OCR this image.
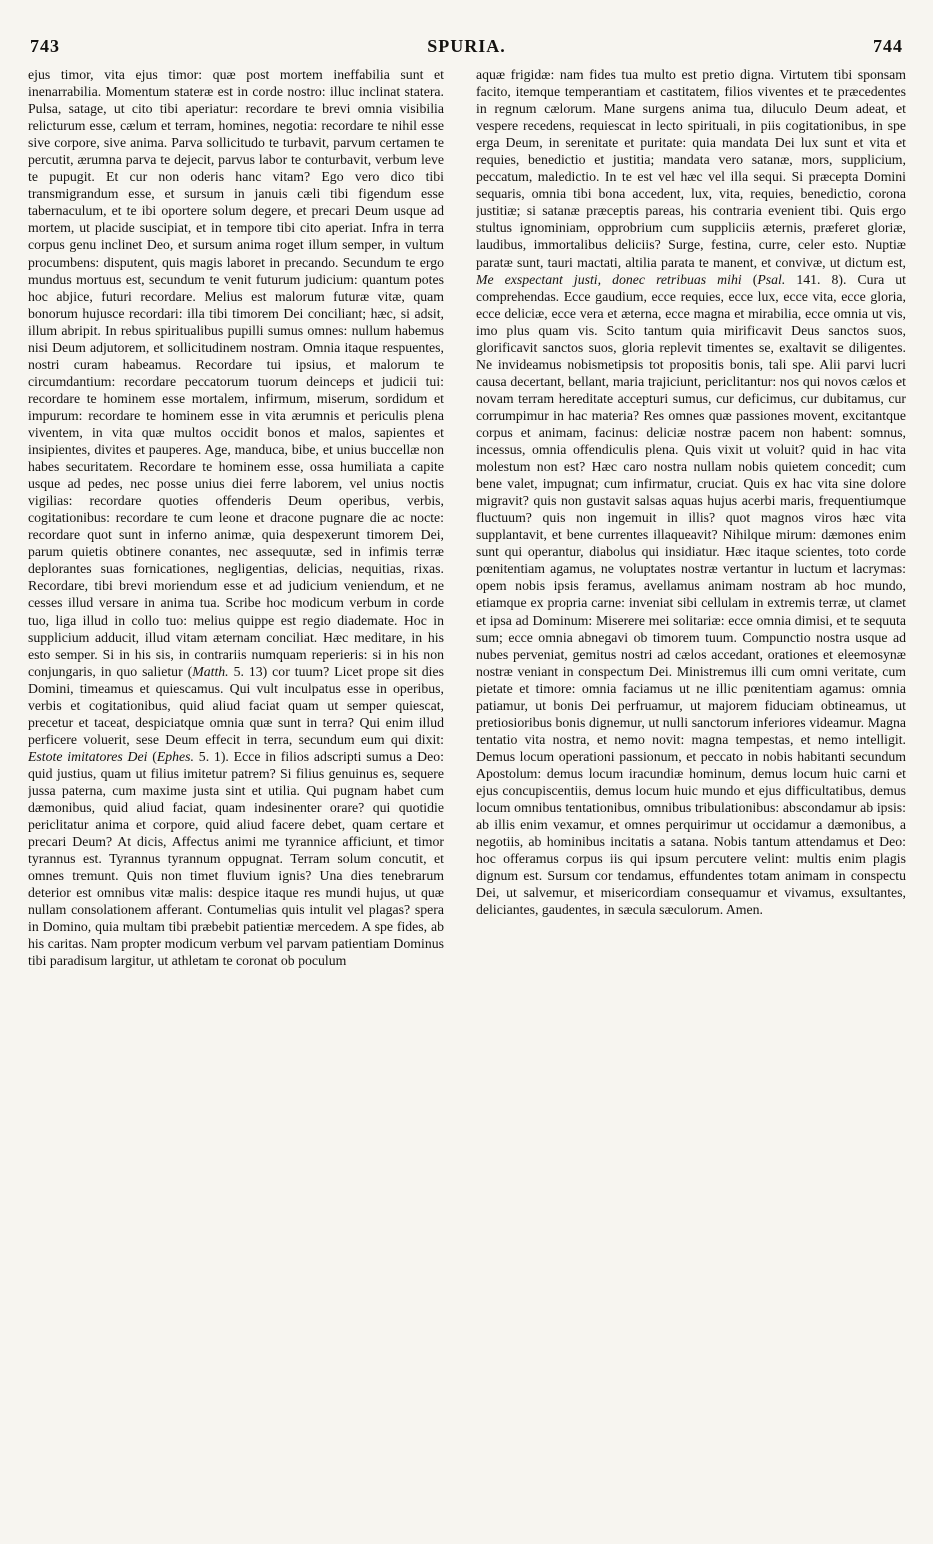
743	SPURIA.	744

ejus timor, vita ejus timor: quæ post mortem ineffabilia sunt et inenarrabilia. Momentum stateræ est in corde nostro: illuc inclinat statera. Pulsa, satage, ut cito tibi aperiatur: recordare te brevi omnia visibilia relicturum esse, cælum et terram, homines, negotia: recordare te nihil esse sive corpore, sive anima. Parva sollicitudo te turbavit, parvum certamen te percutit, ærumna parva te dejecit, parvus labor te conturbavit, verbum leve te pupugit. Et cur non oderis hanc vitam? Ego vero dico tibi transmigrandum esse, et sursum in januis cæli tibi figendum esse tabernaculum, et te ibi oportere solum degere, et precari Deum usque ad mortem, ut placide suscipiat, et in tempore tibi cito aperiat. Infra in terra corpus genu inclinet Deo, et sursum anima roget illum semper, in vultum procumbens: disputent, quis magis laboret in precando. Secundum te ergo mundus mortuus est, secundum te venit futurum judicium: quantum potes hoc abjice, futuri recordare. Melius est malorum futuræ vitæ, quam bonorum hujusce recordari: illa tibi timorem Dei conciliant; hæc, si adsit, illum abripit. In rebus spiritualibus pupilli sumus omnes: nullum habemus nisi Deum adjutorem, et sollicitudinem nostram. Omnia itaque respuentes, nostri curam habeamus. Recordare tui ipsius, et malorum te circumdantium: recordare peccatorum tuorum deinceps et judicii tui: recordare te hominem esse mortalem, infirmum, miserum, sordidum et impurum: recordare te hominem esse in vita ærumnis et periculis plena viventem, in vita quæ multos occidit bonos et malos, sapientes et insipientes, divites et pauperes. Age, manduca, bibe, et unius buccellæ non habes securitatem. Recordare te hominem esse, ossa humiliata a capite usque ad pedes, nec posse unius diei ferre laborem, vel unius noctis vigilias: recordare quoties offenderis Deum operibus, verbis, cogitationibus: recordare te cum leone et dracone pugnare die ac nocte: recordare quot sunt in inferno animæ, quia despexerunt timorem Dei, parum quietis obtinere conantes, nec assequutæ, sed in infimis terræ deplorantes suas fornicationes, negligentias, delicias, nequitias, rixas. Recordare, tibi brevi moriendum esse et ad judicium veniendum, et ne cesses illud versare in anima tua. Scribe hoc modicum verbum in corde tuo, liga illud in collo tuo: melius quippe est regio diademate. Hoc in supplicium adducit, illud vitam æternam conciliat. Hæc meditare, in his esto semper. Si in his sis, in contrariis numquam reperieris: si in his non conjungaris, in quo salietur (Matth. 5. 13) cor tuum? Licet prope sit dies Domini, timeamus et quiescamus. Qui vult inculpatus esse in operibus, verbis et cogitationibus, quid aliud faciat quam ut semper quiescat, precetur et taceat, despiciatque omnia quæ sunt in terra? Qui enim illud perficere voluerit, sese Deum effecit in terra, secundum eum qui dixit: Estote imitatores Dei (Ephes. 5. 1). Ecce in filios adscripti sumus a Deo: quid justius, quam ut filius imitetur patrem? Si filius genuinus es, sequere jussa paterna, cum maxime justa sint et utilia. Qui pugnam habet cum dæmonibus, quid aliud faciat, quam indesinenter orare? qui quotidie periclitatur anima et corpore, quid aliud facere debet, quam certare et precari Deum? At dicis, Affectus animi me tyrannice afficiunt, et timor tyrannus est. Tyrannus tyrannum oppugnat. Terram solum concutit, et omnes tremunt. Quis non timet fluvium ignis? Una dies tenebrarum deterior est omnibus vitæ malis: despice itaque res mundi hujus, ut quæ nullam consolationem afferant. Contumelias quis intulit vel plagas? spera in Domino, quia multam tibi præbebit patientiæ mercedem. A spe fides, ab his caritas. Nam propter modicum verbum vel parvam patientiam Dominus tibi paradisum largitur, ut athletam te coronat ob poculum

aquæ frigidæ: nam fides tua multo est pretio digna. Virtutem tibi sponsam facito, itemque temperantiam et castitatem, filios viventes et te præcedentes in regnum cælorum. Mane surgens anima tua, diluculo Deum adeat, et vespere recedens, requiescat in lecto spirituali, in piis cogitationibus, in spe erga Deum, in serenitate et puritate: quia mandata Dei lux sunt et vita et requies, benedictio et justitia; mandata vero satanæ, mors, supplicium, peccatum, maledictio. In te est vel hæc vel illa sequi. Si præcepta Domini sequaris, omnia tibi bona accedent, lux, vita, requies, benedictio, corona justitiæ; si satanæ præceptis pareas, his contraria evenient tibi. Quis ergo stultus ignominiam, opprobrium cum suppliciis æternis, præferet gloriæ, laudibus, immortalibus deliciis? Surge, festina, curre, celer esto. Nuptiæ paratæ sunt, tauri mactati, altilia parata te manent, et convivæ, ut dictum est, Me exspectant justi, donec retribuas mihi (Psal. 141. 8). Cura ut comprehendas. Ecce gaudium, ecce requies, ecce lux, ecce vita, ecce gloria, ecce deliciæ, ecce vera et æterna, ecce magna et mirabilia, ecce omnia ut vis, imo plus quam vis. Scito tantum quia mirificavit Deus sanctos suos, glorificavit sanctos suos, gloria replevit timentes se, exaltavit se diligentes. Ne invideamus nobismetipsis tot propositis bonis, tali spe. Alii parvi lucri causa decertant, bellant, maria trajiciunt, periclitantur: nos qui novos cælos et novam terram hereditate accepturi sumus, cur deficimus, cur dubitamus, cur corrumpimur in hac materia? Res omnes quæ passiones movent, excitantque corpus et animam, facinus: deliciæ nostræ pacem non habent: somnus, incessus, omnia offendiculis plena. Quis vixit ut voluit? quid in hac vita molestum non est? Hæc caro nostra nullam nobis quietem concedit; cum bene valet, impugnat; cum infirmatur, cruciat. Quis ex hac vita sine dolore migravit? quis non gustavit salsas aquas hujus acerbi maris, frequentiumque fluctuum? quis non ingemuit in illis? quot magnos viros hæc vita supplantavit, et bene currentes illaqueavit? Nihilque mirum: dæmones enim sunt qui operantur, diabolus qui insidiatur. Hæc itaque scientes, toto corde pœnitentiam agamus, ne voluptates nostræ vertantur in luctum et lacrymas: opem nobis ipsis feramus, avellamus animam nostram ab hoc mundo, etiamque ex propria carne: inveniat sibi cellulam in extremis terræ, ut clamet et ipsa ad Dominum: Miserere mei solitariæ: ecce omnia dimisi, et te sequuta sum; ecce omnia abnegavi ob timorem tuum. Compunctio nostra usque ad nubes perveniat, gemitus nostri ad cælos accedant, orationes et eleemosynæ nostræ veniant in conspectum Dei. Ministremus illi cum omni veritate, cum pietate et timore: omnia faciamus ut ne illic pœnitentiam agamus: omnia patiamur, ut bonis Dei perfruamur, ut majorem fiduciam obtineamus, ut pretiosioribus bonis dignemur, ut nulli sanctorum inferiores videamur. Magna tentatio vita nostra, et nemo novit: magna tempestas, et nemo intelligit. Demus locum operationi passionum, et peccato in nobis habitanti secundum Apostolum: demus locum iracundiæ hominum, demus locum huic carni et ejus concupiscentiis, demus locum huic mundo et ejus difficultatibus, demus locum omnibus tentationibus, omnibus tribulationibus: abscondamur ab ipsis: ab illis enim vexamur, et omnes perquirimur ut occidamur a dæmonibus, a negotiis, ab hominibus incitatis a satana. Nobis tantum attendamus et Deo: hoc offeramus corpus iis qui ipsum percutere velint: multis enim plagis dignum est. Sursum cor tendamus, effundentes totam animam in conspectu Dei, ut salvemur, et misericordiam consequamur et vivamus, exsultantes, deliciantes, gaudentes, in sæcula sæculorum. Amen.
